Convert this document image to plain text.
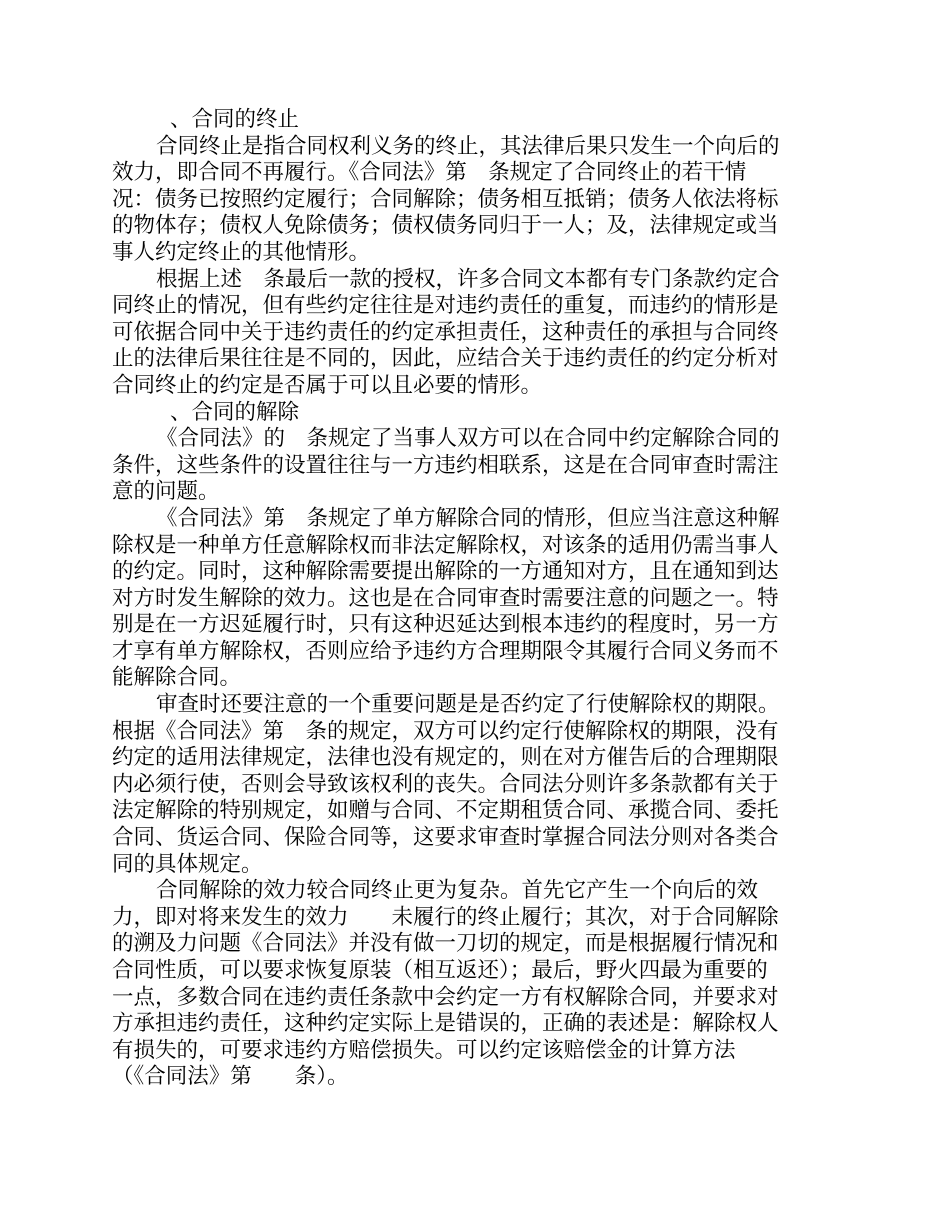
、合同的终止
合同终止是指合同权利义务的终止，其法律后果只发生一个向后的
效力，即合同不再履行。《合同法》第　条规定了合同终止的若干情
况：债务已按照约定履行；合同解除；债务相互抵销；债务人依法将标
的物体存；债权人免除债务；债权债务同归于一人；及，法律规定或当
事人约定终止的其他情形。
根据上述　条最后一款的授权，许多合同文本都有专门条款约定合
同终止的情况，但有些约定往往是对违约责任的重复，而违约的情形是
可依据合同中关于违约责任的约定承担责任，这种责任的承担与合同终
止的法律后果往往是不同的，因此，应结合关于违约责任的约定分析对
合同终止的约定是否属于可以且必要的情形。
、合同的解除
《合同法》的　条规定了当事人双方可以在合同中约定解除合同的
条件，这些条件的设置往往与一方违约相联系，这是在合同审查时需注
意的问题。
《合同法》第　条规定了单方解除合同的情形，但应当注意这种解
除权是一种单方任意解除权而非法定解除权，对该条的适用仍需当事人
的约定。同时，这种解除需要提出解除的一方通知对方，且在通知到达
对方时发生解除的效力。这也是在合同审查时需要注意的问题之一。特
别是在一方迟延履行时，只有这种迟延达到根本违约的程度时，另一方
才享有单方解除权，否则应给予违约方合理期限令其履行合同义务而不
能解除合同。
审查时还要注意的一个重要问题是是否约定了行使解除权的期限。
根据《合同法》第　条的规定，双方可以约定行使解除权的期限，没有
约定的适用法律规定，法律也没有规定的，则在对方催告后的合理期限
内必须行使，否则会导致该权利的丧失。合同法分则许多条款都有关于
法定解除的特别规定，如赠与合同、不定期租赁合同、承揽合同、委托
合同、货运合同、保险合同等，这要求审查时掌握合同法分则对各类合
同的具体规定。
合同解除的效力较合同终止更为复杂。首先它产生一个向后的效
力，即对将来发生的效力　　未履行的终止履行；其次，对于合同解除
的溯及力问题《合同法》并没有做一刀切的规定，而是根据履行情况和
合同性质，可以要求恢复原装（相互返还）；最后，野火四最为重要的
一点，多数合同在违约责任条款中会约定一方有权解除合同，并要求对
方承担违约责任，这种约定实际上是错误的，正确的表述是：解除权人
有损失的，可要求违约方赔偿损失。可以约定该赔偿金的计算方法
（《合同法》第　　条）。
